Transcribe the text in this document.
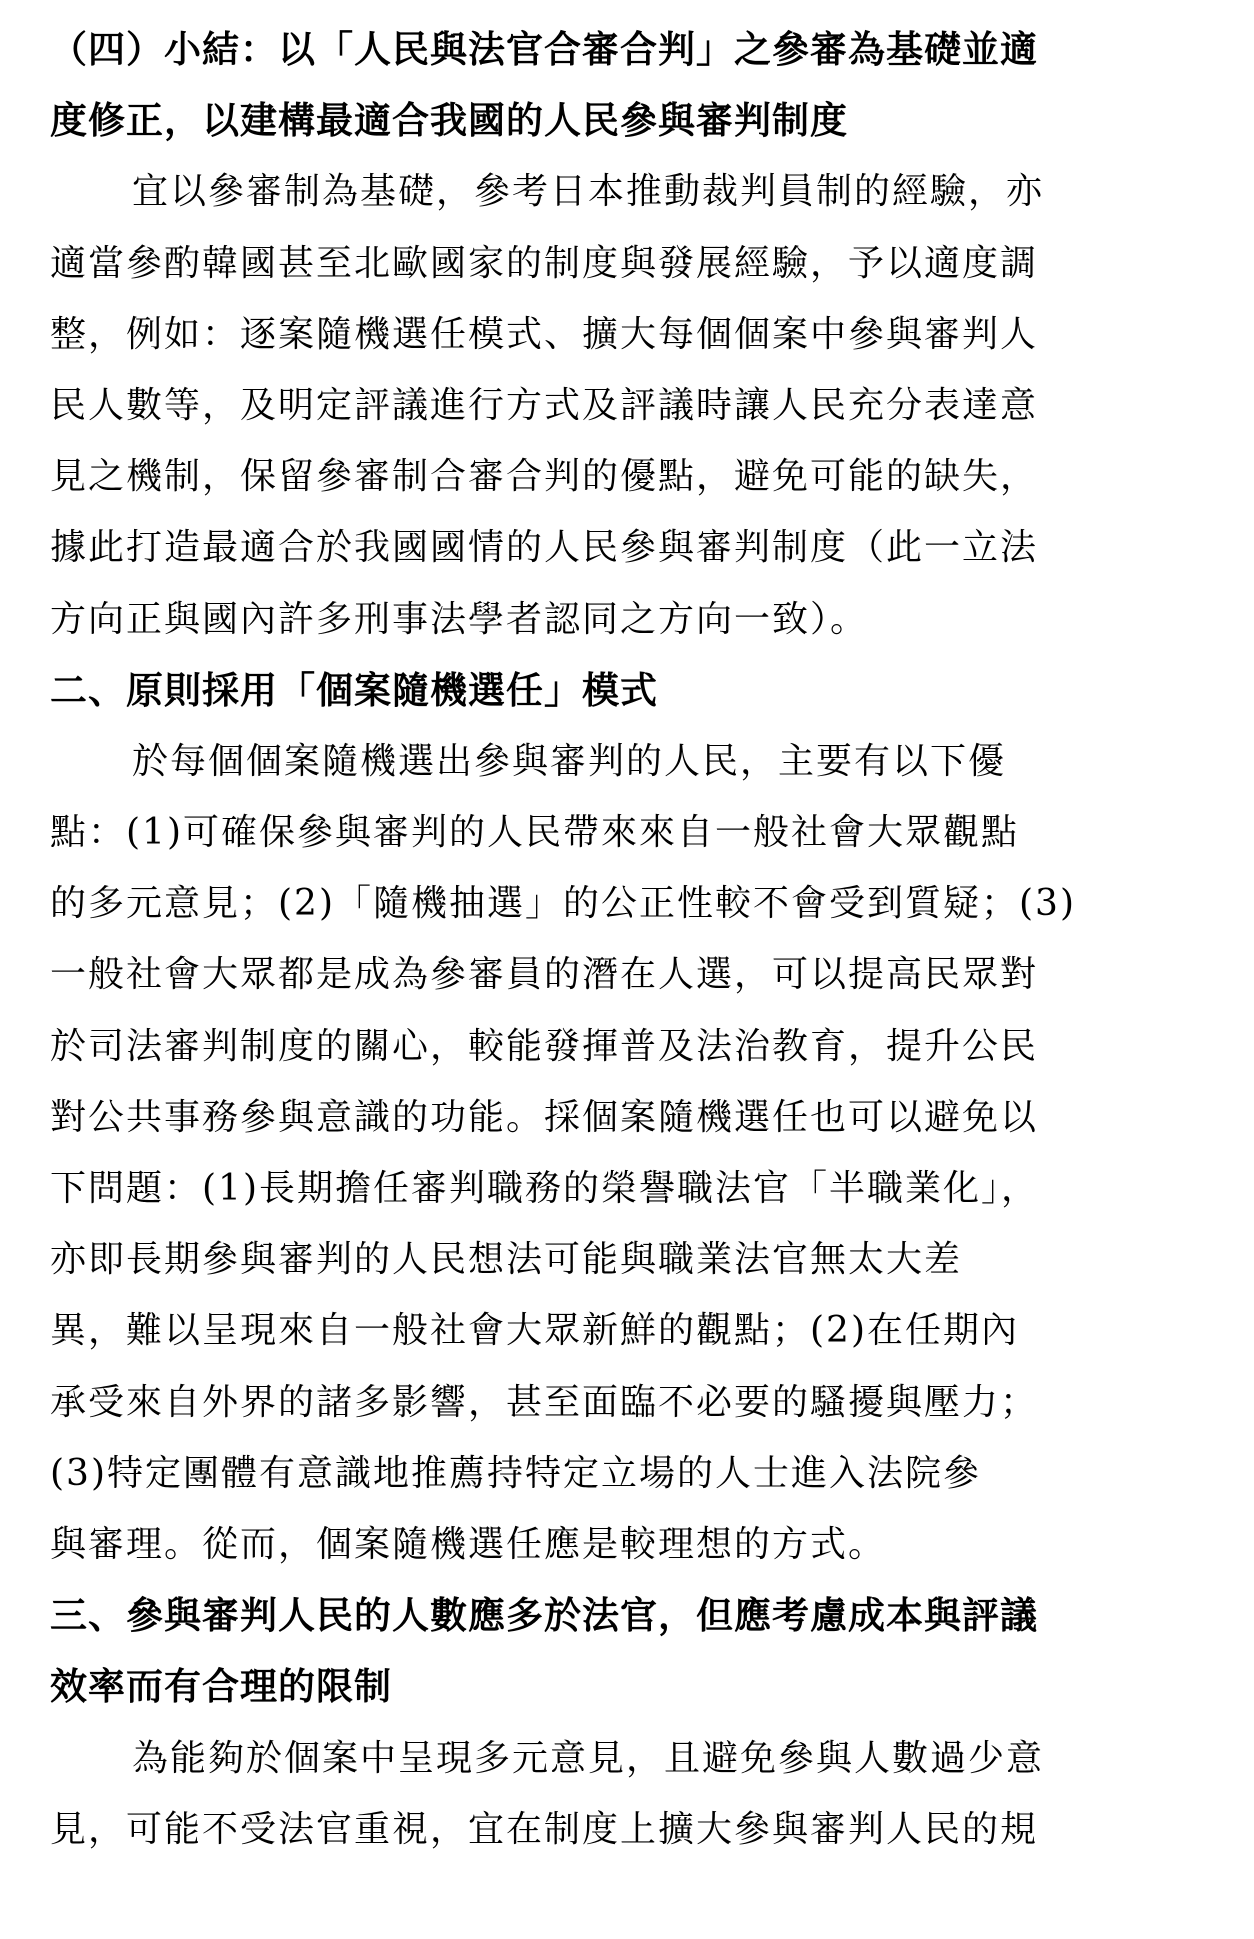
（四）小結：以「人民與法官合審合判」之參審為基礎並適
度修正，以建構最適合我國的人民參與審判制度
宜以參審制為基礎，參考日本推動裁判員制的經驗，亦
適當參酌韓國甚至北歐國家的制度與發展經驗，予以適度調
整，例如：逐案隨機選任模式、擴大每個個案中參與審判人
民人數等，及明定評議進行方式及評議時讓人民充分表達意
見之機制，保留參審制合審合判的優點，避免可能的缺失，
據此打造最適合於我國國情的人民參與審判制度（此一立法
方向正與國內許多刑事法學者認同之方向一致）。
二、原則採用「個案隨機選任」模式
於每個個案隨機選出參與審判的人民，主要有以下優
點：(1)可確保參與審判的人民帶來來自一般社會大眾觀點
的多元意見；(2)「隨機抽選」的公正性較不會受到質疑；(3)
一般社會大眾都是成為參審員的潛在人選，可以提高民眾對
於司法審判制度的關心，較能發揮普及法治教育，提升公民
對公共事務參與意識的功能。採個案隨機選任也可以避免以
下問題：(1)長期擔任審判職務的榮譽職法官「半職業化」，
亦即長期參與審判的人民想法可能與職業法官無太大差
異，難以呈現來自一般社會大眾新鮮的觀點；(2)在任期內
承受來自外界的諸多影響，甚至面臨不必要的騷擾與壓力；
(3)特定團體有意識地推薦持特定立場的人士進入法院參
與審理。從而，個案隨機選任應是較理想的方式。
三、參與審判人民的人數應多於法官，但應考慮成本與評議
效率而有合理的限制
為能夠於個案中呈現多元意見，且避免參與人數過少意
見，可能不受法官重視，宜在制度上擴大參與審判人民的規
